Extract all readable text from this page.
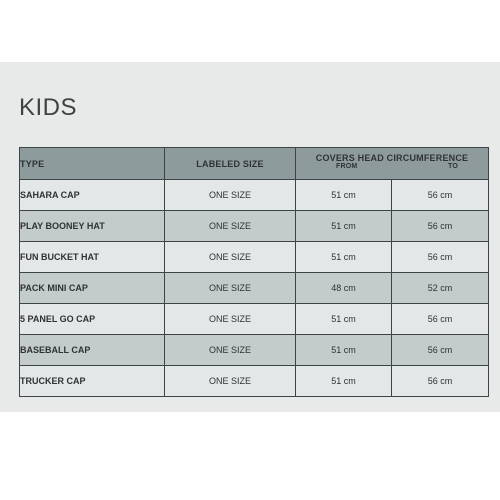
KIDS
TYPE	LABELED SIZE	COVERS HEAD CIRCUMFERENCE
FROM TO	

SAHARA CAP	ONE SIZE	51 cm	56 cm
PLAY BOONEY HAT	ONE SIZE	51 cm	56 cm
FUN BUCKET HAT	ONE SIZE	51 cm	56 cm
PACK MINI CAP	ONE SIZE	48 cm	52 cm
5 PANEL GO CAP	ONE SIZE	51 cm	56 cm
BASEBALL CAP	ONE SIZE	51 cm	56 cm
TRUCKER CAP	ONE SIZE	51 cm	56 cm
